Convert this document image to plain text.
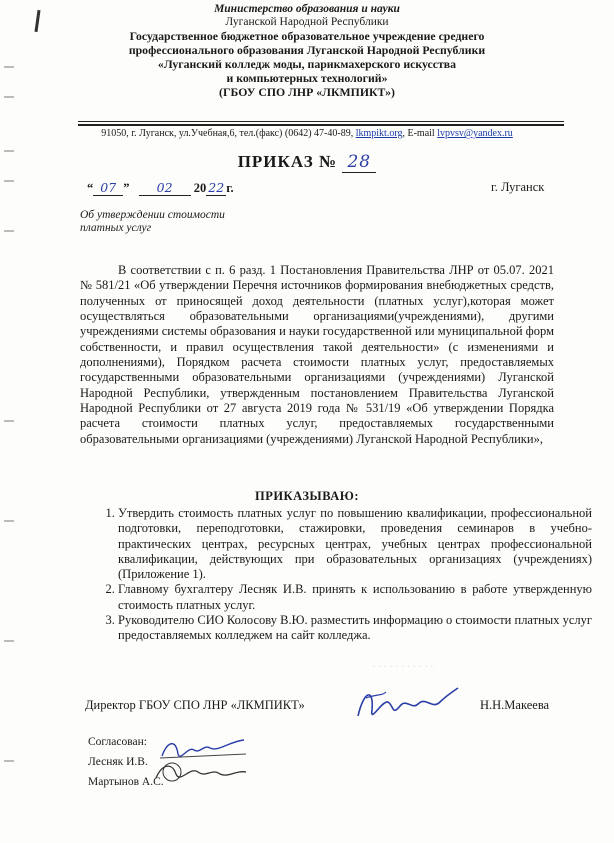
Министерство образования и науки
Луганской Народной Республики
Государственное бюджетное образовательное учреждение среднего
профессионального образования Луганской Народной Республики
«Луганский колледж моды, парикмахерского искусства
и компьютерных технологий»
(ГБОУ СПО ЛНР «ЛКМПИКТ»)
91050, г. Луганск, ул.Учебная,6, тел.(факс) (0642) 47-40-89, lkmpikt.org, E-mail lvpvsv@yandex.ru
ПРИКАЗ № 28
“ 07 ” 02 20 22 г.	г. Луганск
Об утверждении стоимости
платных услуг

В соответствии с п. 6 разд. 1 Постановления Правительства ЛНР от 05.07. 2021 № 581/21 «Об утверждении Перечня источников формирования внебюджетных средств, полученных от приносящей доход деятельности (платных услуг),которая может осуществляться образовательными организациями(учреждениями), другими учреждениями системы образования и науки государственной или муниципальной форм собственности, и правил осуществления такой деятельности» (с изменениями и дополнениями), Порядком расчета стоимости платных услуг, предоставляемых государственными образовательными организациями (учреждениями) Луганской Народной Республики, утвержденным постановлением Правительства Луганской Народной Республики от 27 августа 2019 года № 531/19 «Об утверждении Порядка расчета стоимости платных услуг, предоставляемых государственными образовательными организациями (учреждениями) Луганской Народной Республики»,

· · · · · · · · · · ·
ПРИКАЗЫВАЮ:
1. Утвердить стоимость платных услуг по повышению квалификации, профессиональной подготовки, переподготовки, стажировки, проведения семинаров в учебно-практических центрах, ресурсных центрах, учебных центрах профессиональной квалификации, действующих при образовательных организациях (учреждениях) (Приложение 1).
2. Главному бухгалтеру Лесняк И.В. принять к использованию в работе утвержденную стоимость платных услуг.
3. Руководителю СИО Колосову В.Ю. разместить информацию о стоимости платных услуг предоставляемых колледжем на сайт колледжа.
Директор ГБОУ СПО ЛНР «ЛКМПИКТ»	Н.Н.Макеева
Согласован:
Лесняк И.В.
Мартынов А.С.
